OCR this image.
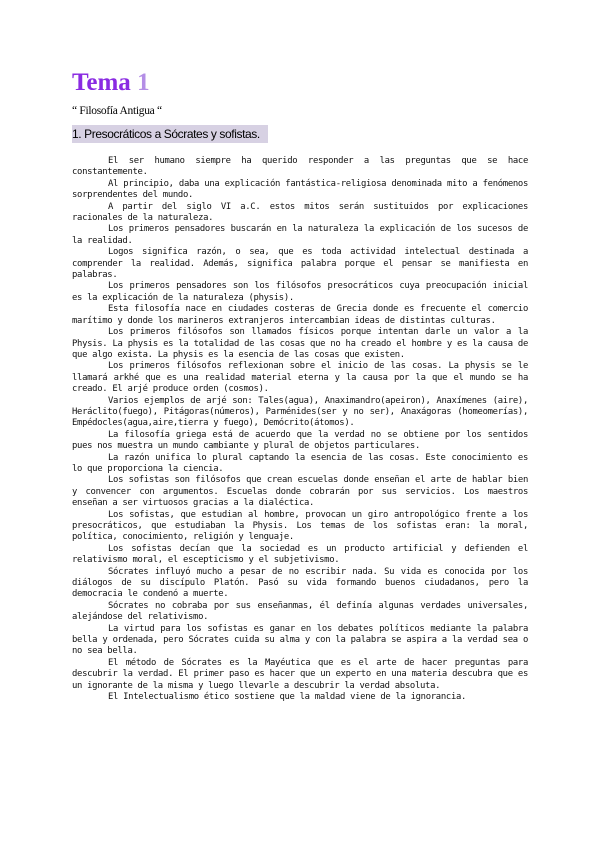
Tema 1
“ Filosofía Antigua “
1. Presocráticos a Sócrates y sofistas.

El ser humano siempre ha querido responder a las preguntas que se hace constantemente.

Al principio, daba una explicación fantástica-religiosa denominada mito a fenómenos sorprendentes del mundo.

A partir del siglo VI a.C. estos mitos serán sustituidos por explicaciones racionales de la naturaleza.

Los primeros pensadores buscarán en la naturaleza la explicación de los sucesos de la realidad.

Logos significa razón, o sea, que es toda actividad intelectual destinada a comprender la realidad. Además, significa palabra porque el pensar se manifiesta en palabras.

Los primeros pensadores son los filósofos presocráticos cuya preocupación inicial es la explicación de la naturaleza (physis).

Esta filosofía nace en ciudades costeras de Grecia donde es frecuente el comercio marítimo y donde los marineros extranjeros intercambian ideas de distintas culturas.

Los primeros filósofos son llamados físicos porque intentan darle un valor a la Physis. La physis es la totalidad de las cosas que no ha creado el hombre y es la causa de que algo exista. La physis es la esencia de las cosas que existen.

Los primeros filósofos reflexionan sobre el inicio de las cosas. La physis se le llamará arkhé que es una realidad material eterna y la causa por la que el mundo se ha creado. El arjé produce orden (cosmos).

Varios ejemplos de arjé son: Tales(agua), Anaximandro(apeiron), Anaxímenes (aire), Heráclito(fuego), Pitágoras(números), Parménides(ser y no ser), Anaxágoras (homeomerías), Empédocles(agua,aire,tierra y fuego), Demócrito(átomos).

La filosofía griega está de acuerdo que la verdad no se obtiene por los sentidos pues nos muestra un mundo cambiante y plural de objetos particulares.

La razón unifica lo plural captando la esencia de las cosas. Este conocimiento es lo que proporciona la ciencia.

Los sofistas son filósofos que crean escuelas donde enseñan el arte de hablar bien y convencer con argumentos. Escuelas donde cobrarán por sus servicios. Los maestros enseñan a ser virtuosos gracias a la dialéctica.

Los sofistas, que estudian al hombre, provocan un giro antropológico frente a los presocráticos, que estudiaban la Physis. Los temas de los sofistas eran: la moral, política, conocimiento, religión y lenguaje.

Los sofistas decían que la sociedad es un producto artificial y defienden el relativismo moral, el escepticismo y el subjetivismo.

Sócrates influyó mucho a pesar de no escribir nada. Su vida es conocida por los diálogos de su discípulo Platón. Pasó su vida formando buenos ciudadanos, pero la democracia le condenó a muerte.

Sócrates no cobraba por sus enseñanmas, él definía algunas verdades universales, alejándose del relativismo.

La virtud para los sofistas es ganar en los debates políticos mediante la palabra bella y ordenada, pero Sócrates cuida su alma y con la palabra se aspira a la verdad sea o no sea bella.

El método de Sócrates es la Mayéutica que es el arte de hacer preguntas para descubrir la verdad. El primer paso es hacer que un experto en una materia descubra que es un ignorante de la misma y luego llevarle a descubrir la verdad absoluta.

El Intelectualismo ético sostiene que la maldad viene de la ignorancia.
